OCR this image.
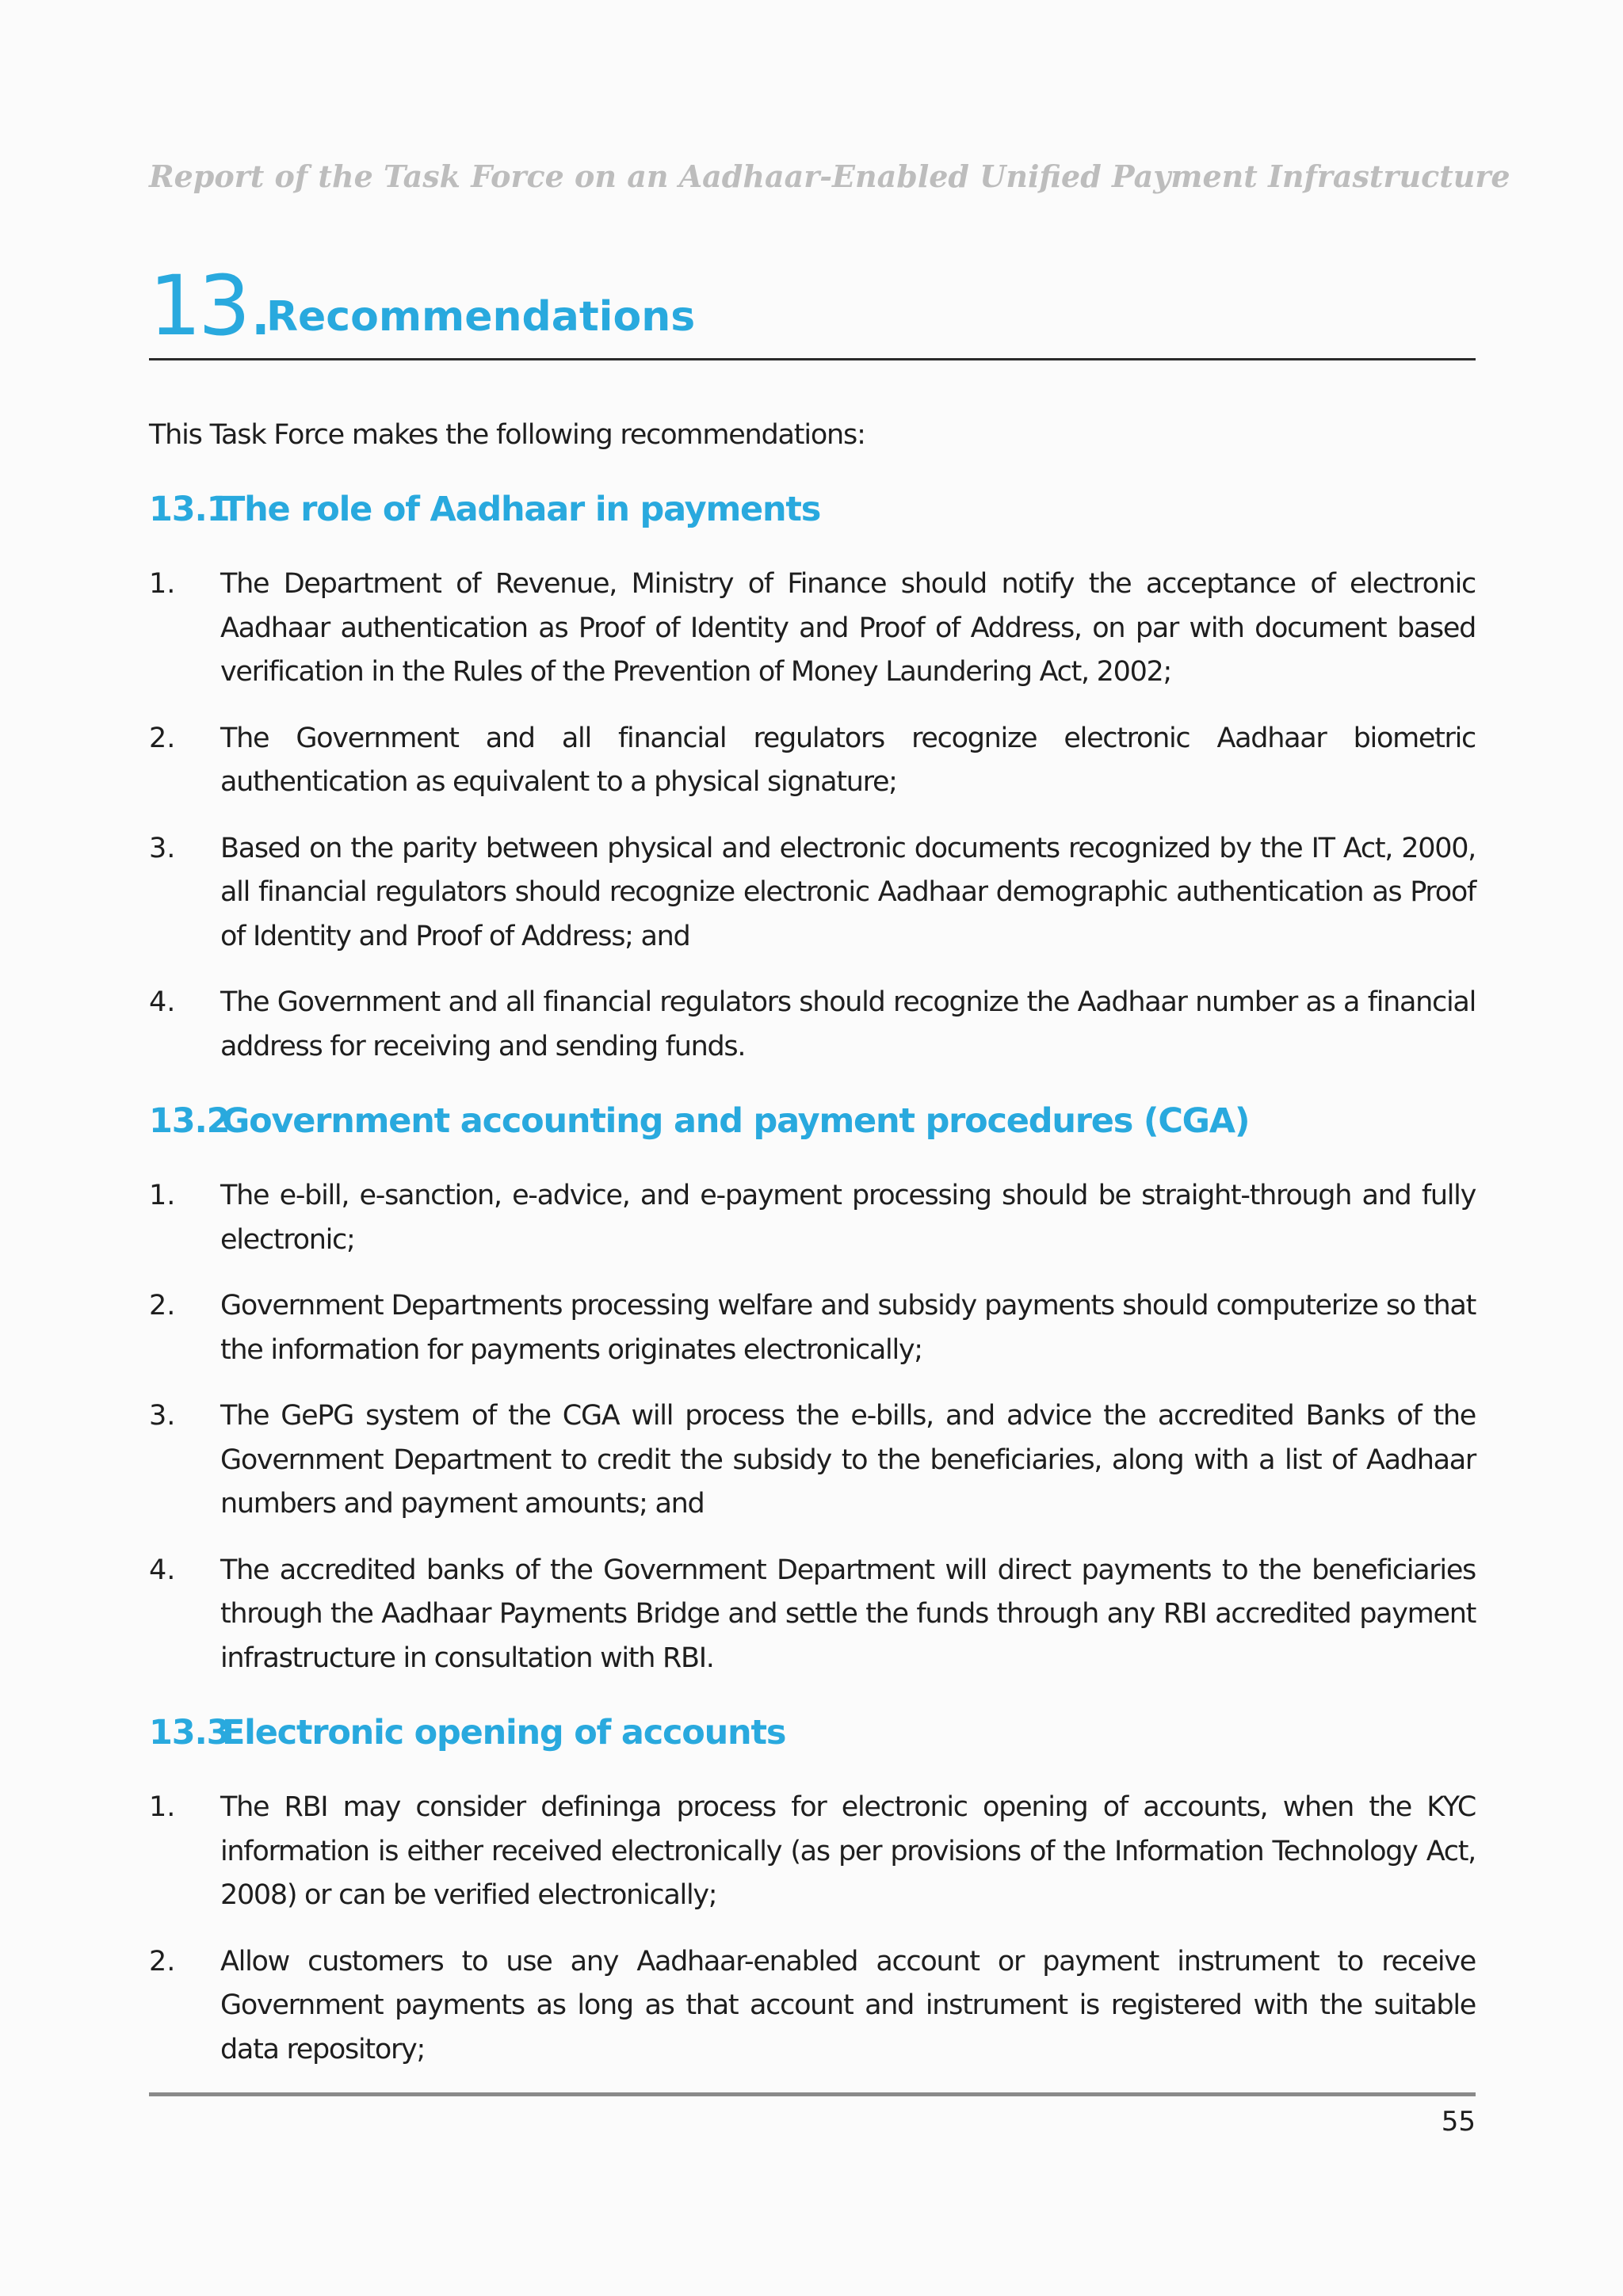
Report of the Task Force on an Aadhaar-Enabled Unified Payment Infrastructure
13.
Recommendations
This Task Force makes the following recommendations:
13.1The role of Aadhaar in payments
1. The Department of Revenue, Ministry of Finance should notify the acceptance of electronic Aadhaar authentication as Proof of Identity and Proof of Address, on par with document based verification in the Rules of the Prevention of Money Laundering Act, 2002;
2. The Government and all financial regulators recognize electronic Aadhaar biometric authentication as equivalent to a physical signature;
3. Based on the parity between physical and electronic documents recognized by the IT Act, 2000, all financial regulators should recognize electronic Aadhaar demographic authentication as Proof of Identity and Proof of Address; and
4. The Government and all financial regulators should recognize the Aadhaar number as a financial address for receiving and sending funds.
13.2Government accounting and payment procedures (CGA)
1. The e-bill, e-sanction, e-advice, and e-payment processing should be straight-through and fully electronic;
2. Government Departments processing welfare and subsidy payments should computerize so that the information for payments originates electronically;
3. The GePG system of the CGA will process the e-bills, and advice the accredited Banks of the Government Department to credit the subsidy to the beneficiaries, along with a list of Aadhaar numbers and payment amounts; and
4. The accredited banks of the Government Department will direct payments to the beneficiaries through the Aadhaar Payments Bridge and settle the funds through any RBI accredited payment infrastructure in consultation with RBI.
13.3Electronic opening of accounts
1. The RBI may consider defininga process for electronic opening of accounts, when the KYC information is either received electronically (as per provisions of the Information Technology Act, 2008) or can be verified electronically;
2. Allow customers to use any Aadhaar-enabled account or payment instrument to receive Government payments as long as that account and instrument is registered with the suitable data repository;
55
